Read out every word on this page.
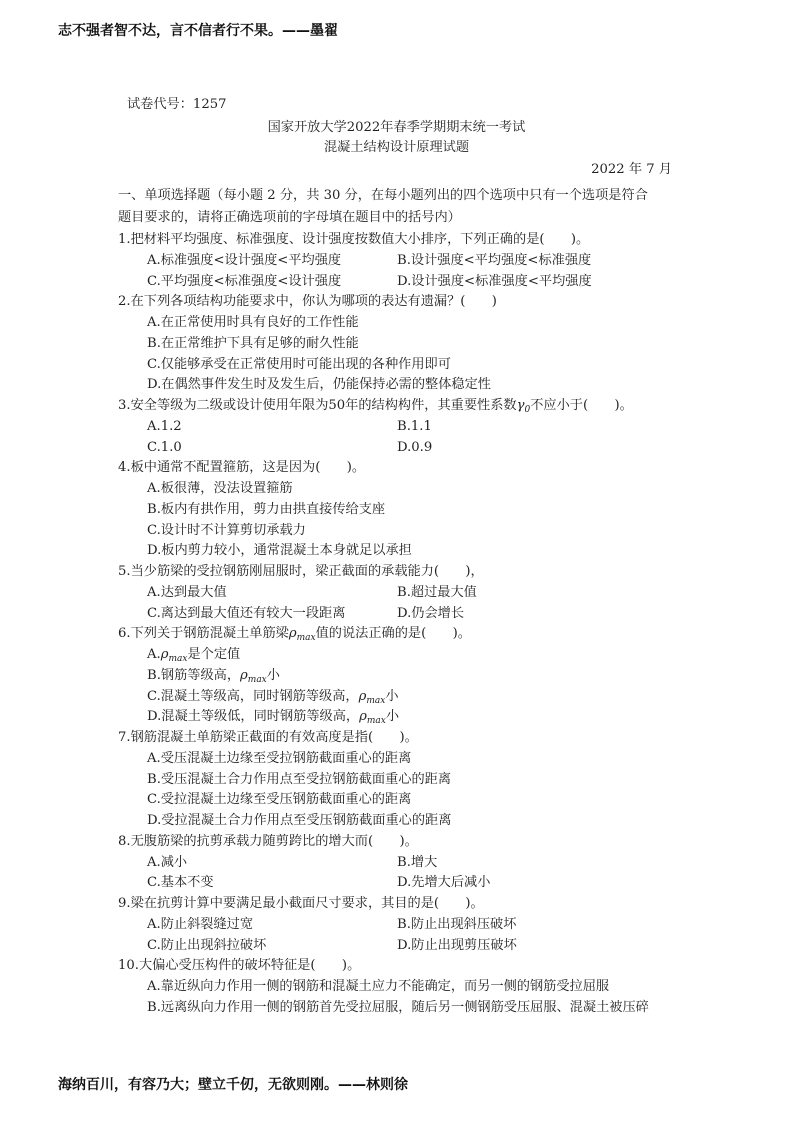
志不强者智不达，言不信者行不果。——墨翟
试卷代号：1257
国家开放大学2022年春季学期期末统一考试
混凝土结构设计原理试题
2022 年 7 月
一、单项选择题（每小题 2 分，共 30 分，在每小题列出的四个选项中只有一个选项是符合
题目要求的，请将正确选项前的字母填在题目中的括号内）
1.把材料平均强度、标准强度、设计强度按数值大小排序，下列正确的是(　　)。
A.标准强度<设计强度<平均强度	B.设计强度<平均强度<标准强度
C.平均强度<标准强度<设计强度	D.设计强度<标准强度<平均强度
2.在下列各项结构功能要求中，你认为哪项的表达有遗漏？(　　)
A.在正常使用时具有良好的工作性能
B.在正常维护下具有足够的耐久性能
C.仅能够承受在正常使用时可能出现的各种作用即可
D.在偶然事件发生时及发生后，仍能保持必需的整体稳定性
3.安全等级为二级或设计使用年限为50年的结构构件，其重要性系数$\gamma_0$不应小于(　　)。
A.1.2	B.1.1
C.1.0	D.0.9
4.板中通常不配置箍筋，这是因为(　　)。
A.板很薄，没法设置箍筋
B.板内有拱作用，剪力由拱直接传给支座
C.设计时不计算剪切承载力
D.板内剪力较小，通常混凝土本身就足以承担
5.当少筋梁的受拉钢筋刚屈服时，梁正截面的承载能力(　　)，
A.达到最大值	B.超过最大值
C.离达到最大值还有较大一段距离	D.仍会增长
6.下列关于钢筋混凝土单筋梁$\rho_{max}$值的说法正确的是(　　)。
$A.\rho_{max}$是个定值
B.钢筋等级高，$\rho_{max}$小
C.混凝土等级高，同时钢筋等级高，$\rho_{max}$小
D.混凝土等级低，同时钢筋等级高，$\rho_{max}$小
7.钢筋混凝土单筋梁正截面的有效高度是指(　　)。
A.受压混凝土边缘至受拉钢筋截面重心的距离
B.受压混凝土合力作用点至受拉钢筋截面重心的距离
C.受拉混凝土边缘至受压钢筋截面重心的距离
D.受拉混凝土合力作用点至受压钢筋截面重心的距离
8.无腹筋梁的抗剪承载力随剪跨比的增大而(　　)。
A.减小	B.增大
C.基本不变	D.先增大后减小
9.梁在抗剪计算中要满足最小截面尺寸要求，其目的是(　　)。
A.防止斜裂缝过宽	B.防止出现斜压破坏
C.防止出现斜拉破坏	D.防止出现剪压破坏
10.大偏心受压构件的破坏特征是(　　)。
A.靠近纵向力作用一侧的钢筋和混凝土应力不能确定，而另一侧的钢筋受拉屈服
B.远离纵向力作用一侧的钢筋首先受拉屈服，随后另一侧钢筋受压屈服、混凝土被压碎
海纳百川，有容乃大；壁立千仞，无欲则刚。——林则徐
